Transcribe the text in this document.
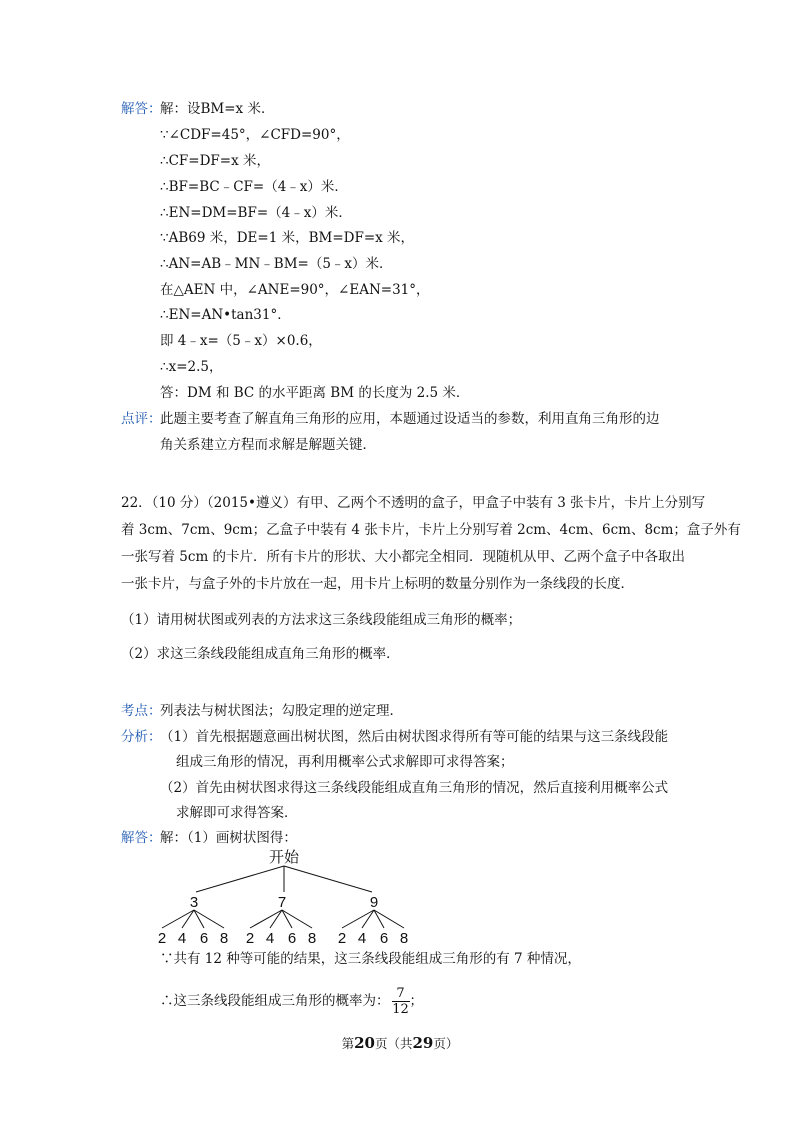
解答：
解：设BM=x 米．
∵∠CDF=45°，∠CFD=90°，
∴CF=DF=x 米，
∴BF=BC﹣CF=（4﹣x）米．
∴EN=DM=BF=（4﹣x）米．
∵AB69 米，DE=1 米，BM=DF=x 米，
∴AN=AB﹣MN﹣BM=（5﹣x）米．
在△AEN 中，∠ANE=90°，∠EAN=31°，
∴EN=AN•tan31°．
即 4﹣x=（5﹣x）×0.6，
∴x=2.5，
答：DM 和 BC 的水平距离 BM 的长度为 2.5 米．
点评：
此题主要考查了解直角三角形的应用，本题通过设适当的参数，利用直角三角形的边
角关系建立方程而求解是解题关键．
22．（10 分）（2015•遵义）有甲、乙两个不透明的盒子，甲盒子中装有 3 张卡片，卡片上分别写
着 3cm、7cm、9cm；乙盒子中装有 4 张卡片，卡片上分别写着 2cm、4cm、6cm、8cm；盒子外有
一张写着 5cm 的卡片．所有卡片的形状、大小都完全相同．现随机从甲、乙两个盒子中各取出
一张卡片，与盒子外的卡片放在一起，用卡片上标明的数量分别作为一条线段的长度．
（1）请用树状图或列表的方法求这三条线段能组成三角形的概率；
（2）求这三条线段能组成直角三角形的概率．
考点：
列表法与树状图法；勾股定理的逆定理．
分析：
（1）首先根据题意画出树状图，然后由树状图求得所有等可能的结果与这三条线段能
组成三角形的情况，再利用概率公式求解即可求得答案；
（2）首先由树状图求得这三条线段能组成直角三角形的情况，然后直接利用概率公式
求解即可求得答案．
解答：
解：（1）画树状图得：
开始
3	7	9
2 4 6 8 2 4 6 8 2 4 6 8
∵共有 12 种等可能的结果，这三条线段能组成三角形的有 7 种情况，
∴这三条线段能组成三角形的概率为： $\frac{7}{12}$ ；
第20页（共29页）
